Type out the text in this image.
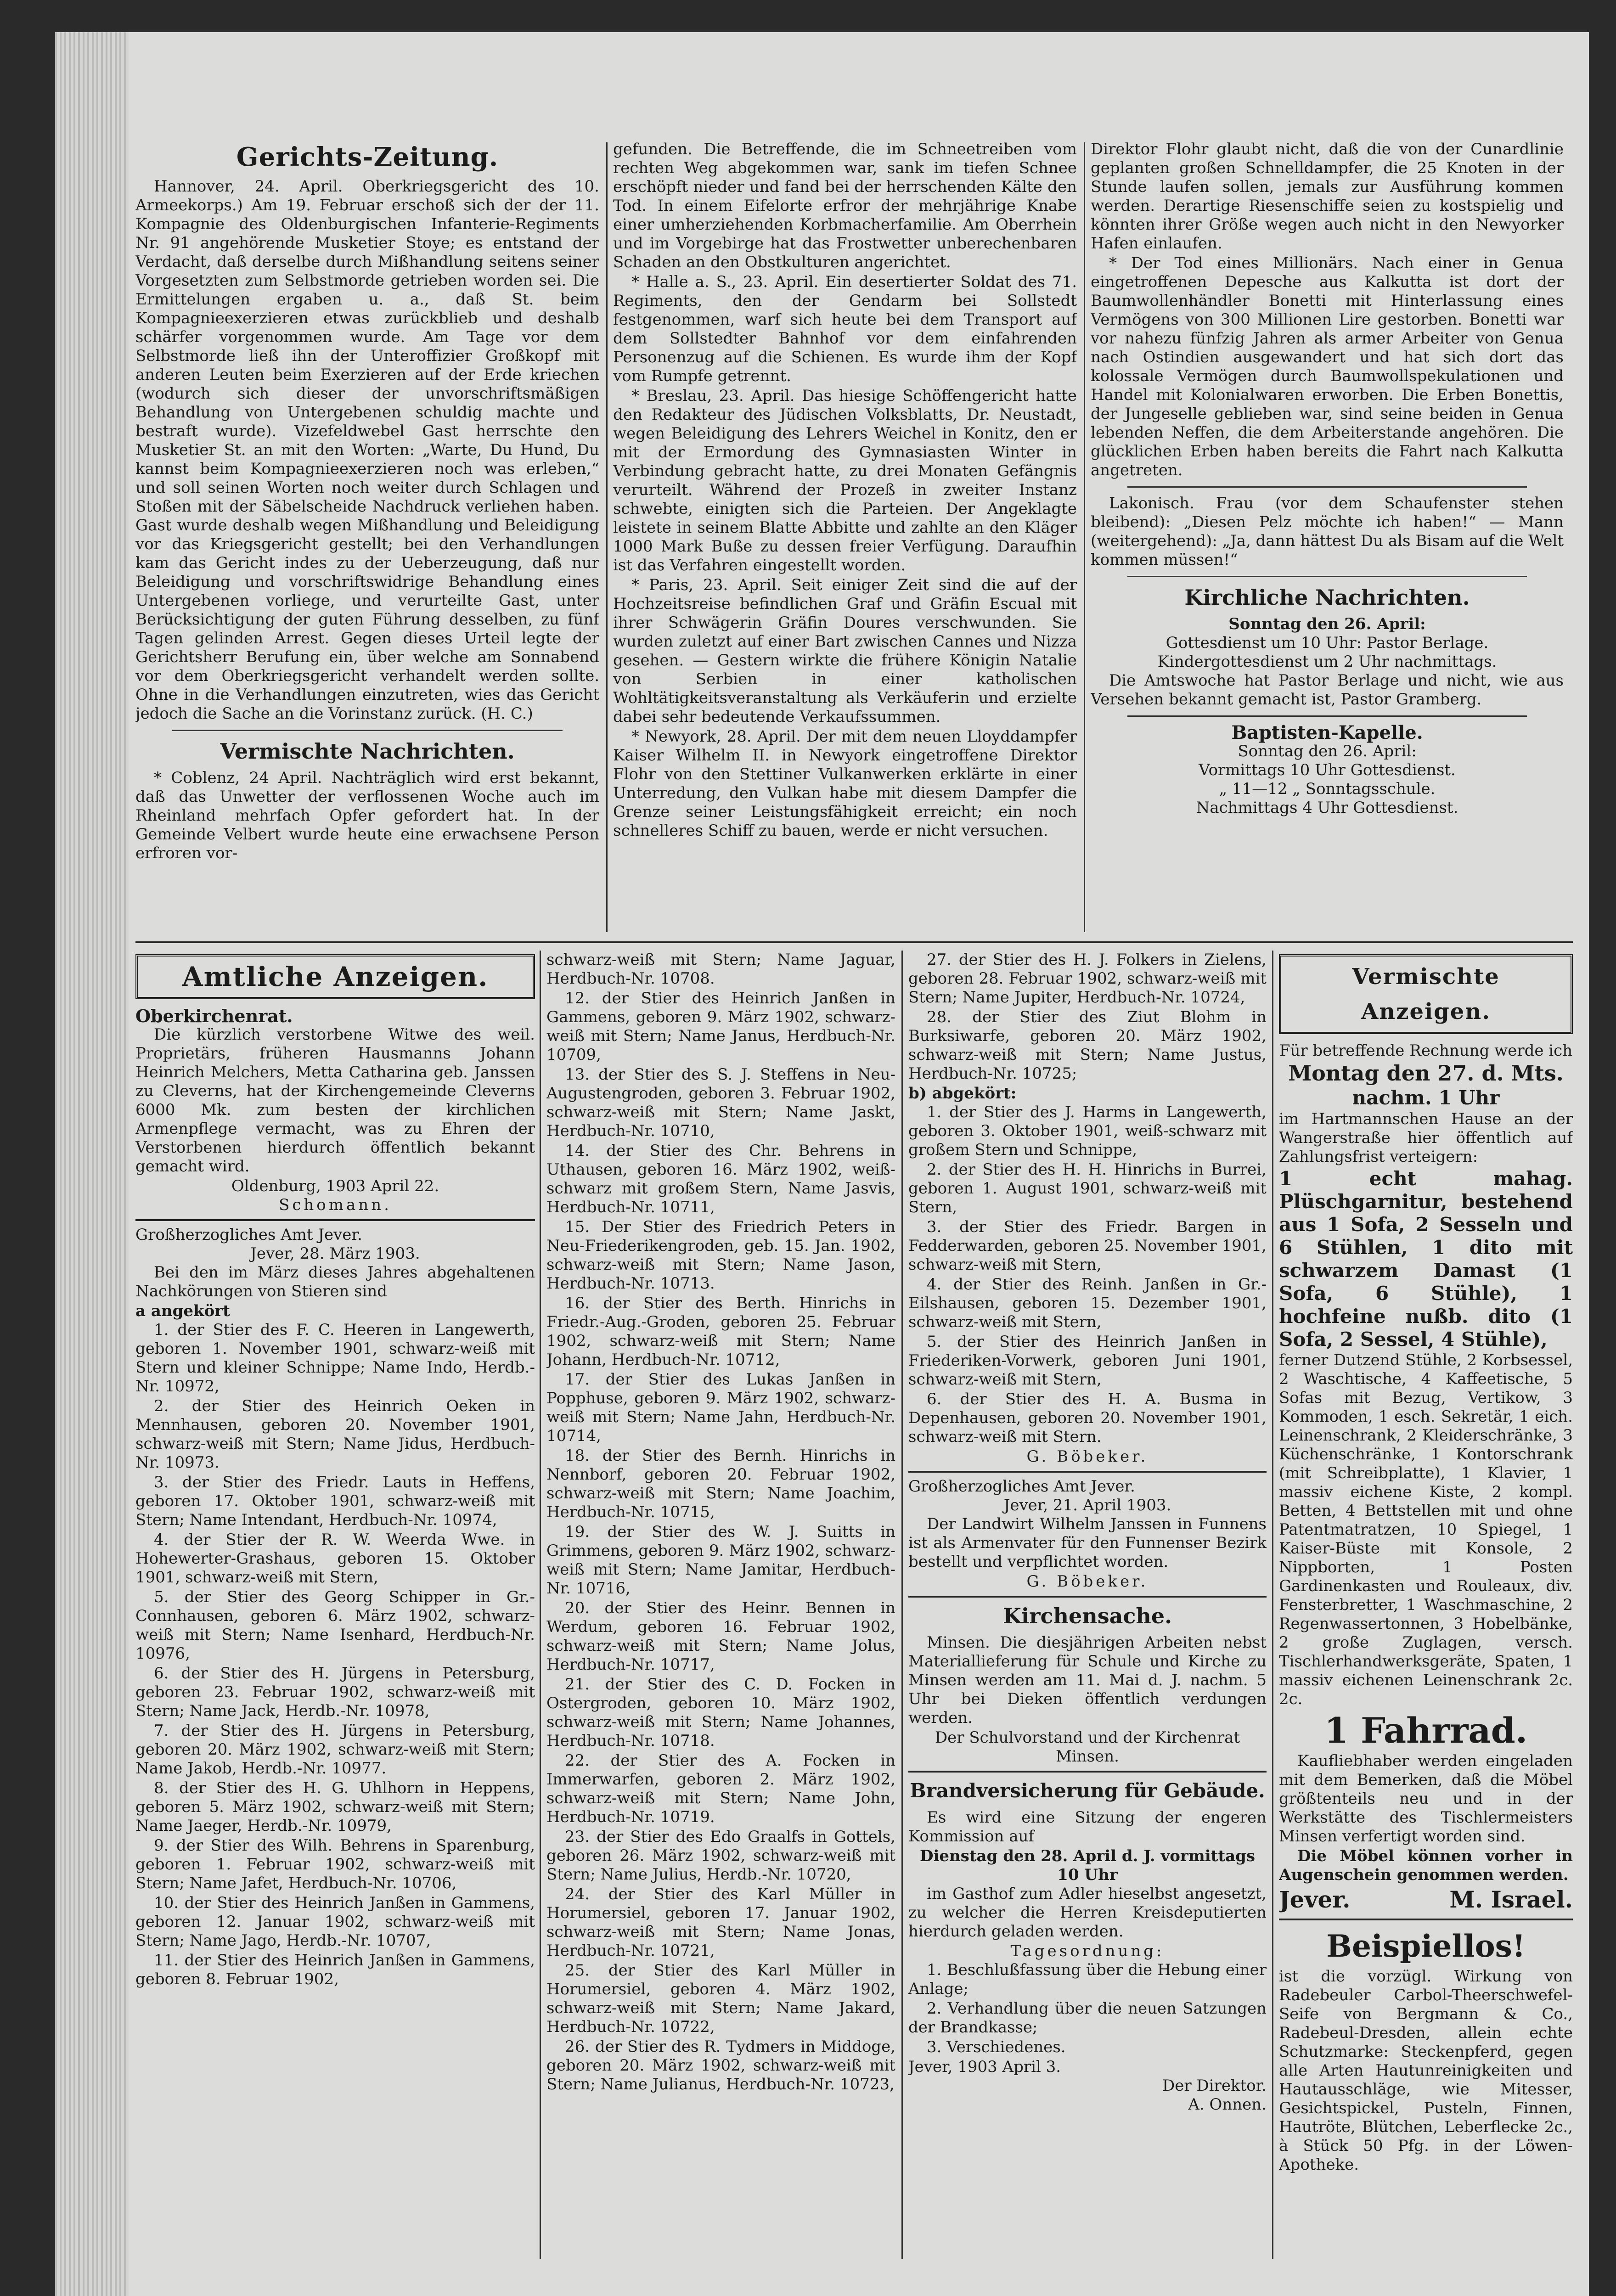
Gerichts-Zeitung.

Hannover, 24. April. Oberkriegsgericht des 10. Armeekorps.) Am 19. Februar erschoß sich der der 11. Kompagnie des Oldenburgischen Infanterie-Regiments Nr. 91 angehörende Musketier Stoye; es entstand der Verdacht, daß derselbe durch Mißhandlung seitens seiner Vorgesetzten zum Selbstmorde getrieben worden sei. Die Ermittelungen ergaben u. a., daß St. beim Kompagnieexerzieren etwas zurückblieb und deshalb schärfer vorgenommen wurde. Am Tage vor dem Selbstmorde ließ ihn der Unteroffizier Großkopf mit anderen Leuten beim Exerzieren auf der Erde kriechen (wodurch sich dieser der unvorschriftsmäßigen Behandlung von Untergebenen schuldig machte und bestraft wurde). Vizefeldwebel Gast herrschte den Musketier St. an mit den Worten: „Warte, Du Hund, Du kannst beim Kompagnieexerzieren noch was erleben,“ und soll seinen Worten noch weiter durch Schlagen und Stoßen mit der Säbelscheide Nachdruck verliehen haben. Gast wurde deshalb wegen Mißhandlung und Beleidigung vor das Kriegsgericht gestellt; bei den Verhandlungen kam das Gericht indes zu der Ueberzeugung, daß nur Beleidigung und vorschriftswidrige Behandlung eines Untergebenen vorliege, und verurteilte Gast, unter Berücksichtigung der guten Führung desselben, zu fünf Tagen gelinden Arrest. Gegen dieses Urteil legte der Gerichtsherr Berufung ein, über welche am Sonnabend vor dem Oberkriegsgericht verhandelt werden sollte. Ohne in die Verhandlungen einzutreten, wies das Gericht jedoch die Sache an die Vorinstanz zurück. (H. C.)

Vermischte Nachrichten.

* Coblenz, 24 April. Nachträglich wird erst bekannt, daß das Unwetter der verflossenen Woche auch im Rheinland mehrfach Opfer gefordert hat. In der Gemeinde Velbert wurde heute eine erwachsene Person erfroren vor-

gefunden. Die Betreffende, die im Schneetreiben vom rechten Weg abgekommen war, sank im tiefen Schnee erschöpft nieder und fand bei der herrschenden Kälte den Tod. In einem Eifelorte erfror der mehrjährige Knabe einer umherziehenden Korbmacherfamilie. Am Oberrhein und im Vorgebirge hat das Frostwetter unberechenbaren Schaden an den Obstkulturen angerichtet.

* Halle a. S., 23. April. Ein desertierter Soldat des 71. Regiments, den der Gendarm bei Sollstedt festgenommen, warf sich heute bei dem Transport auf dem Sollstedter Bahnhof vor dem einfahrenden Personenzug auf die Schienen. Es wurde ihm der Kopf vom Rumpfe getrennt.

* Breslau, 23. April. Das hiesige Schöffengericht hatte den Redakteur des Jüdischen Volksblatts, Dr. Neustadt, wegen Beleidigung des Lehrers Weichel in Konitz, den er mit der Ermordung des Gymnasiasten Winter in Verbindung gebracht hatte, zu drei Monaten Gefängnis verurteilt. Während der Prozeß in zweiter Instanz schwebte, einigten sich die Parteien. Der Angeklagte leistete in seinem Blatte Abbitte und zahlte an den Kläger 1000 Mark Buße zu dessen freier Verfügung. Daraufhin ist das Verfahren eingestellt worden.

* Paris, 23. April. Seit einiger Zeit sind die auf der Hochzeitsreise befindlichen Graf und Gräfin Escual mit ihrer Schwägerin Gräfin Doures verschwunden. Sie wurden zuletzt auf einer Bart zwischen Cannes und Nizza gesehen. — Gestern wirkte die frühere Königin Natalie von Serbien in einer katholischen Wohltätigkeitsveranstaltung als Verkäuferin und erzielte dabei sehr bedeutende Verkaufssummen.

* Newyork, 28. April. Der mit dem neuen Lloyddampfer Kaiser Wilhelm II. in Newyork eingetroffene Direktor Flohr von den Stettiner Vulkanwerken erklärte in einer Unterredung, den Vulkan habe mit diesem Dampfer die Grenze seiner Leistungsfähigkeit erreicht; ein noch schnelleres Schiff zu bauen, werde er nicht versuchen.

Direktor Flohr glaubt nicht, daß die von der Cunardlinie geplanten großen Schnelldampfer, die 25 Knoten in der Stunde laufen sollen, jemals zur Ausführung kommen werden. Derartige Riesenschiffe seien zu kostspielig und könnten ihrer Größe wegen auch nicht in den Newyorker Hafen einlaufen.

* Der Tod eines Millionärs. Nach einer in Genua eingetroffenen Depesche aus Kalkutta ist dort der Baumwollenhändler Bonetti mit Hinterlassung eines Vermögens von 300 Millionen Lire gestorben. Bonetti war vor nahezu fünfzig Jahren als armer Arbeiter von Genua nach Ostindien ausgewandert und hat sich dort das kolossale Vermögen durch Baumwollspekulationen und Handel mit Kolonialwaren erworben. Die Erben Bonettis, der Jungeselle geblieben war, sind seine beiden in Genua lebenden Neffen, die dem Arbeiterstande angehören. Die glücklichen Erben haben bereits die Fahrt nach Kalkutta angetreten.

Lakonisch. Frau (vor dem Schaufenster stehen bleibend): „Diesen Pelz möchte ich haben!“ — Mann (weitergehend): „Ja, dann hättest Du als Bisam auf die Welt kommen müssen!“

Kirchliche Nachrichten.
Sonntag den 26. April:
Gottesdienst um 10 Uhr: Pastor Berlage.
Kindergottesdienst um 2 Uhr nachmittags.

Die Amtswoche hat Pastor Berlage und nicht, wie aus Versehen bekannt gemacht ist, Pastor Gramberg.

Baptisten-Kapelle.
Sonntag den 26. April:
Vormittags 10 Uhr Gottesdienst.
„ 11—12 „ Sonntagsschule.
Nachmittags 4 Uhr Gottesdienst.
Amtliche Anzeigen.
Oberkirchenrat.

Die kürzlich verstorbene Witwe des weil. Proprietärs, früheren Hausmanns Johann Heinrich Melchers, Metta Catharina geb. Janssen zu Cleverns, hat der Kirchengemeinde Cleverns 6000 Mk. zum besten der kirchlichen Armenpflege vermacht, was zu Ehren der Verstorbenen hierdurch öffentlich bekannt gemacht wird.

Oldenburg, 1903 April 22.
Schomann.
Großherzogliches Amt Jever.
Jever, 28. März 1903.

Bei den im März dieses Jahres abgehaltenen Nachkörungen von Stieren sind

a angekört

1. der Stier des F. C. Heeren in Langewerth, geboren 1. November 1901, schwarz-weiß mit Stern und kleiner Schnippe; Name Indo, Herdb.-Nr. 10972,

2. der Stier des Heinrich Oeken in Mennhausen, geboren 20. November 1901, schwarz-weiß mit Stern; Name Jidus, Herdbuch-Nr. 10973.

3. der Stier des Friedr. Lauts in Heffens, geboren 17. Oktober 1901, schwarz-weiß mit Stern; Name Intendant, Herdbuch-Nr. 10974,

4. der Stier der R. W. Weerda Wwe. in Hohewerter-Grashaus, geboren 15. Oktober 1901, schwarz-weiß mit Stern,

5. der Stier des Georg Schipper in Gr.-Connhausen, geboren 6. März 1902, schwarz-weiß mit Stern; Name Isenhard, Herdbuch-Nr. 10976,

6. der Stier des H. Jürgens in Petersburg, geboren 23. Februar 1902, schwarz-weiß mit Stern; Name Jack, Herdb.-Nr. 10978,

7. der Stier des H. Jürgens in Petersburg, geboren 20. März 1902, schwarz-weiß mit Stern; Name Jakob, Herdb.-Nr. 10977.

8. der Stier des H. G. Uhlhorn in Heppens, geboren 5. März 1902, schwarz-weiß mit Stern; Name Jaeger, Herdb.-Nr. 10979,

9. der Stier des Wilh. Behrens in Sparenburg, geboren 1. Februar 1902, schwarz-weiß mit Stern; Name Jafet, Herdbuch-Nr. 10706,

10. der Stier des Heinrich Janßen in Gammens, geboren 12. Januar 1902, schwarz-weiß mit Stern; Name Jago, Herdb.-Nr. 10707,

11. der Stier des Heinrich Janßen in Gammens, geboren 8. Februar 1902,

schwarz-weiß mit Stern; Name Jaguar, Herdbuch-Nr. 10708.

12. der Stier des Heinrich Janßen in Gammens, geboren 9. März 1902, schwarz-weiß mit Stern; Name Janus, Herdbuch-Nr. 10709,

13. der Stier des S. J. Steffens in Neu-Augustengroden, geboren 3. Februar 1902, schwarz-weiß mit Stern; Name Jaskt, Herdbuch-Nr. 10710,

14. der Stier des Chr. Behrens in Uthausen, geboren 16. März 1902, weiß-schwarz mit großem Stern, Name Jasvis, Herdbuch-Nr. 10711,

15. Der Stier des Friedrich Peters in Neu-Friederikengroden, geb. 15. Jan. 1902, schwarz-weiß mit Stern; Name Jason, Herdbuch-Nr. 10713.

16. der Stier des Berth. Hinrichs in Friedr.-Aug.-Groden, geboren 25. Februar 1902, schwarz-weiß mit Stern; Name Johann, Herdbuch-Nr. 10712,

17. der Stier des Lukas Janßen in Popphuse, geboren 9. März 1902, schwarz-weiß mit Stern; Name Jahn, Herdbuch-Nr. 10714,

18. der Stier des Bernh. Hinrichs in Nennborf, geboren 20. Februar 1902, schwarz-weiß mit Stern; Name Joachim, Herdbuch-Nr. 10715,

19. der Stier des W. J. Suitts in Grimmens, geboren 9. März 1902, schwarz-weiß mit Stern; Name Jamitar, Herdbuch-Nr. 10716,

20. der Stier des Heinr. Bennen in Werdum, geboren 16. Februar 1902, schwarz-weiß mit Stern; Name Jolus, Herdbuch-Nr. 10717,

21. der Stier des C. D. Focken in Ostergroden, geboren 10. März 1902, schwarz-weiß mit Stern; Name Johannes, Herdbuch-Nr. 10718.

22. der Stier des A. Focken in Immerwarfen, geboren 2. März 1902, schwarz-weiß mit Stern; Name John, Herdbuch-Nr. 10719.

23. der Stier des Edo Graalfs in Gottels, geboren 26. März 1902, schwarz-weiß mit Stern; Name Julius, Herdb.-Nr. 10720,

24. der Stier des Karl Müller in Horumersiel, geboren 17. Januar 1902, schwarz-weiß mit Stern; Name Jonas, Herdbuch-Nr. 10721,

25. der Stier des Karl Müller in Horumersiel, geboren 4. März 1902, schwarz-weiß mit Stern; Name Jakard, Herdbuch-Nr. 10722,

26. der Stier des R. Tydmers in Middoge, geboren 20. März 1902, schwarz-weiß mit Stern; Name Julianus, Herdbuch-Nr. 10723,

27. der Stier des H. J. Folkers in Zielens, geboren 28. Februar 1902, schwarz-weiß mit Stern; Name Jupiter, Herdbuch-Nr. 10724,

28. der Stier des Ziut Blohm in Burksiwarfe, geboren 20. März 1902, schwarz-weiß mit Stern; Name Justus, Herdbuch-Nr. 10725;

b) abgekört:

1. der Stier des J. Harms in Langewerth, geboren 3. Oktober 1901, weiß-schwarz mit großem Stern und Schnippe,

2. der Stier des H. H. Hinrichs in Burrei, geboren 1. August 1901, schwarz-weiß mit Stern,

3. der Stier des Friedr. Bargen in Fedderwarden, geboren 25. November 1901, schwarz-weiß mit Stern,

4. der Stier des Reinh. Janßen in Gr.-Eilshausen, geboren 15. Dezember 1901, schwarz-weiß mit Stern,

5. der Stier des Heinrich Janßen in Friederiken-Vorwerk, geboren Juni 1901, schwarz-weiß mit Stern,

6. der Stier des H. A. Busma in Depenhausen, geboren 20. November 1901, schwarz-weiß mit Stern.

G. Böbeker.
Großherzogliches Amt Jever.
Jever, 21. April 1903.

Der Landwirt Wilhelm Janssen in Funnens ist als Armenvater für den Funnenser Bezirk bestellt und verpflichtet worden.

G. Böbeker.
Kirchensache.

Minsen. Die diesjährigen Arbeiten nebst Materiallieferung für Schule und Kirche zu Minsen werden am 11. Mai d. J. nachm. 5 Uhr bei Dieken öffentlich verdungen werden.

Der Schulvorstand und der Kirchenrat
Minsen.
Brandversicherung für Gebäude.

Es wird eine Sitzung der engeren Kommission auf

Dienstag den 28. April d. J. vormittags 10 Uhr

im Gasthof zum Adler hieselbst angesetzt, zu welcher die Herren Kreisdeputierten hierdurch geladen werden.

Tagesordnung:

1. Beschlußfassung über die Hebung einer Anlage;

2. Verhandlung über die neuen Satzungen der Brandkasse;

3. Verschiedenes.

Jever, 1903 April 3.
Der Direktor.
A. Onnen.
Vermischte Anzeigen.
Für betreffende Rechnung werde ich
Montag den 27. d. Mts.
nachm. 1 Uhr

im Hartmannschen Hause an der Wangerstraße hier öffentlich auf Zahlungsfrist verteigern:

1 echt mahag. Plüschgarnitur, bestehend aus 1 Sofa, 2 Sesseln und 6 Stühlen, 1 dito mit schwarzem Damast (1 Sofa, 6 Stühle), 1 hochfeine nußb. dito (1 Sofa, 2 Sessel, 4 Stühle),

ferner Dutzend Stühle, 2 Korbsessel, 2 Waschtische, 4 Kaffeetische, 5 Sofas mit Bezug, Vertikow, 3 Kommoden, 1 esch. Sekretär, 1 eich. Leinenschrank, 2 Kleiderschränke, 3 Küchenschränke, 1 Kontorschrank (mit Schreibplatte), 1 Klavier, 1 massiv eichene Kiste, 2 kompl. Betten, 4 Bettstellen mit und ohne Patentmatratzen, 10 Spiegel, 1 Kaiser-Büste mit Konsole, 2 Nippborten, 1 Posten Gardinenkasten und Rouleaux, div. Fensterbretter, 1 Waschmaschine, 2 Regenwassertonnen, 3 Hobelbänke, 2 große Zuglagen, versch. Tischlerhandwerksgeräte, Spaten, 1 massiv eichenen Leinenschrank 2c. 2c.

1 Fahrrad.

Kaufliebhaber werden eingeladen mit dem Bemerken, daß die Möbel größtenteils neu und in der Werkstätte des Tischlermeisters Minsen verfertigt worden sind.

Die Möbel können vorher in Augenschein genommen werden.

Jever.	M. Israel.
Beispiellos!

ist die vorzügl. Wirkung von Radebeuler Carbol-Theerschwefel-Seife von Bergmann & Co., Radebeul-Dresden, allein echte Schutzmarke: Steckenpferd, gegen alle Arten Hautunreinigkeiten und Hautausschläge, wie Mitesser, Gesichtspickel, Pusteln, Finnen, Hautröte, Blütchen, Leberflecke 2c., à Stück 50 Pfg. in der Löwen-Apotheke.
